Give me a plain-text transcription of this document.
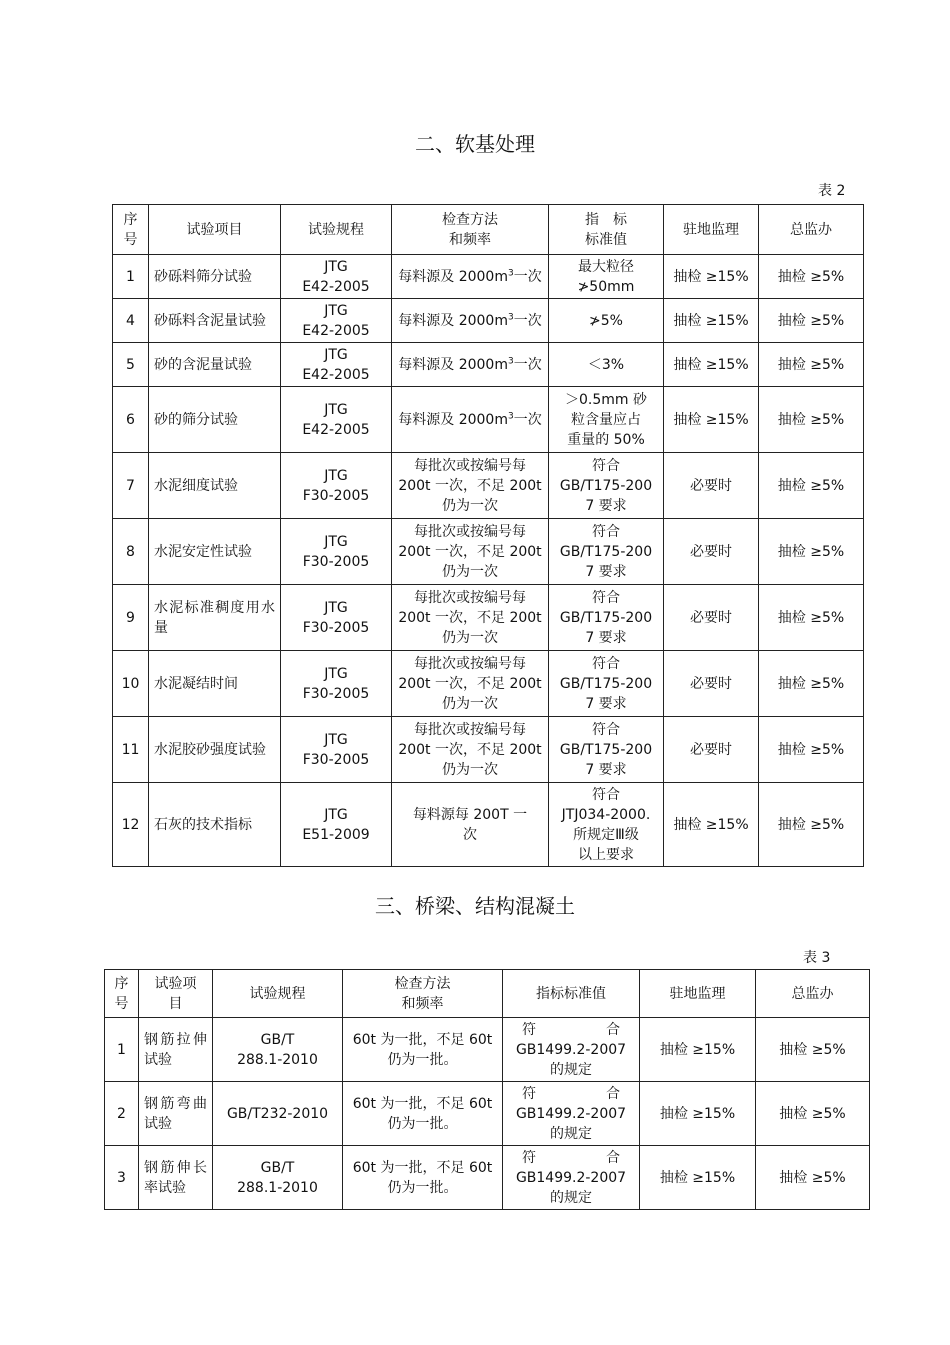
二、软基处理
表 2
序
号	试验项目	试验规程	检查方法
和频率	指　标
标准值	驻地监理	总监办
1	砂砾料筛分试验	JTG
E42-2005	每料源及 $2000m^3$一次	最大粒径
≯50mm	抽检 ≥15%	抽检 ≥5%
4	砂砾料含泥量试验	JTG
E42-2005	每料源及 $2000m^3$一次	≯5%	抽检 ≥15%	抽检 ≥5%
5	砂的含泥量试验	JTG
E42-2005	每料源及 $2000m^3$一次	＜3%	抽检 ≥15%	抽检 ≥5%
6	砂的筛分试验	JTG
E42-2005	每料源及 $2000m^3$一次	＞0.5mm 砂
粒含量应占
重量的 50%	抽检 ≥15%	抽检 ≥5%
7	水泥细度试验	JTG
F30-2005	每批次或按编号每
200t 一次，不足 200t
仍为一次	符合
GB/T175-200
7 要求	必要时	抽检 ≥5%
8	水泥安定性试验	JTG
F30-2005	每批次或按编号每
200t 一次，不足 200t
仍为一次	符合
GB/T175-200
7 要求	必要时	抽检 ≥5%
9	水泥标准稠度用水量	JTG
F30-2005	每批次或按编号每
200t 一次，不足 200t
仍为一次	符合
GB/T175-200
7 要求	必要时	抽检 ≥5%
10	水泥凝结时间	JTG
F30-2005	每批次或按编号每
200t 一次，不足 200t
仍为一次	符合
GB/T175-200
7 要求	必要时	抽检 ≥5%
11	水泥胶砂强度试验	JTG
F30-2005	每批次或按编号每
200t 一次，不足 200t
仍为一次	符合
GB/T175-200
7 要求	必要时	抽检 ≥5%
12	石灰的技术指标	JTG
E51-2009	每料源每 200T 一
次	符合
JTJ034-2000.
所规定Ⅲ级
以上要求	抽检 ≥15%	抽检 ≥5%
三、桥梁、结构混凝土
表 3
序
号	试验项
目	试验规程	检查方法
和频率	指标标准值	驻地监理	总监办
1	钢筋拉伸试验	GB/T
288.1-2010	60t 为一批，不足 60t
仍为一批。	符　　　　　合
GB1499.2-2007
的规定	抽检 ≥15%	抽检 ≥5%
2	钢筋弯曲试验	GB/T232-2010	60t 为一批，不足 60t
仍为一批。	符　　　　　合
GB1499.2-2007
的规定	抽检 ≥15%	抽检 ≥5%
3	钢筋伸长率试验	GB/T
288.1-2010	60t 为一批，不足 60t
仍为一批。	符　　　　　合
GB1499.2-2007
的规定	抽检 ≥15%	抽检 ≥5%
